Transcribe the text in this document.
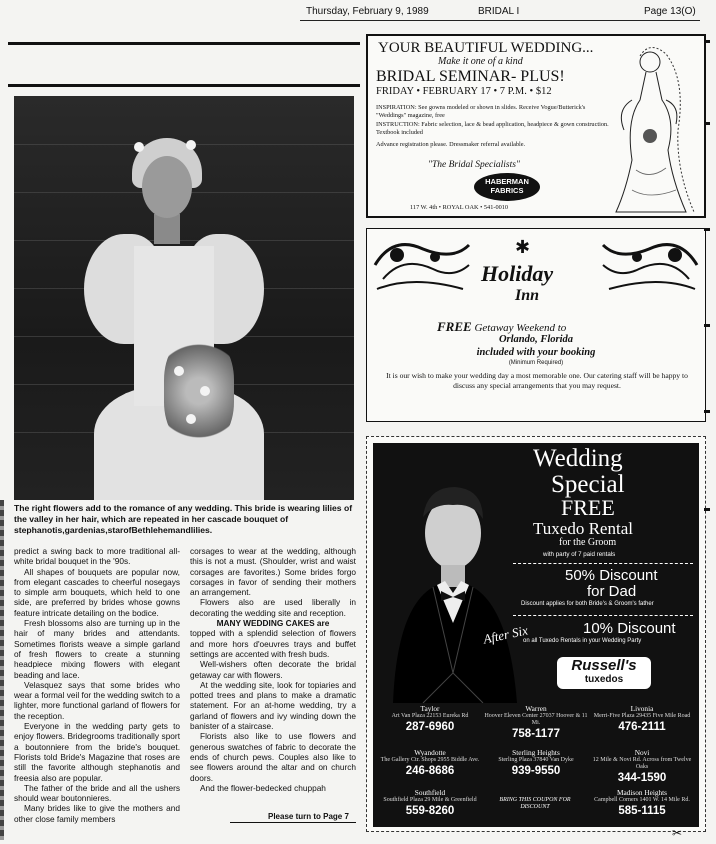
Thursday, February 9, 1989	BRIDAL I	Page 13(O)
The right flowers add to the romance of any wedding. This bride is wearing lilies of the valley in her hair, which are repeated in her cascade bouquet of stephanotis,gardenias,starofBethlehemandlilies.

predict a swing back to more traditional all-white bridal bouquet in the '90s.

All shapes of bouquets are popular now, from elegant cascades to cheerful nosegays to simple arm bouquets, which held to one side, are preferred by brides whose gowns feature intricate detailing on the bodice.

Fresh blossoms also are turning up in the hair of many brides and attendants. Sometimes florists weave a simple garland of fresh flowers to create a stunning headpiece mixing flowers with elegant beading and lace.

Velasquez says that some brides who wear a formal veil for the wedding switch to a lighter, more functional garland of flowers for the reception.

Everyone in the wedding party gets to enjoy flowers. Bridegrooms traditionally sport a boutonniere from the bride's bouquet. Florists told Bride's Magazine that roses are still the favorite although stephanotis and freesia also are popular.

The father of the bride and all the ushers should wear boutonnieres.

Many brides like to give the mothers and other close family members

corsages to wear at the wedding, although this is not a must. (Shoulder, wrist and waist corsages are favorites.) Some brides forgo corsages in favor of sending their mothers an arrangement.

Flowers also are used liberally in decorating the wedding site and reception.

MANY WEDDING CAKES are

topped with a splendid selection of flowers and more hors d'oeuvres trays and buffet settings are accented with fresh buds.

Well-wishers often decorate the bridal getaway car with flowers.

At the wedding site, look for topiaries and potted trees and plans to make a dramatic statement. For an at-home wedding, try a garland of flowers and ivy winding down the banister of a staircase.

Florists also like to use flowers and generous swatches of fabric to decorate the ends of church pews. Couples also like to see flowers around the altar and on church doors.

And the flower-bedecked chuppah

Please turn to Page 7
YOUR BEAUTIFUL WEDDING...
Make it one of a kind
BRIDAL SEMINAR- PLUS!
FRIDAY • FEBRUARY 17 • 7 P.M. • $12
INSPIRATION: See gowns modeled or shown in slides. Receive Vogue/Butterick's "Weddings" magazine, free
INSTRUCTION: Fabric selection, lace & bead application, headpiece & gown construction. Textbook included
Advance registration please. Dressmaker referral available.
"The Bridal Specialists"
HABERMAN FABRICS
117 W. 4th • ROYAL OAK • 541-0010
✱
Holiday
Inn
FREE Getaway Weekend to
Orlando, Florida
included with your booking
(Minimum Required)
It is our wish to make your wedding day a most memorable one. Our catering staff will be happy to discuss any special arrangements that you may request.
Wedding
Special
FREE
Tuxedo Rental
for the Groom
with party of 7 paid rentals
50% Discount
for Dad
Discount applies for both Bride's & Groom's father
10% Discount
on all Tuxedo Rentals in your Wedding Party
After Six
Russell's
tuxedos
Taylor
Art Van Plaza 22153 Eureka Rd
287-6960
Warren
Hoover Eleven Center 27037 Hoover & 11 Mi.
758-1177
Livonia
Merri-Five Plaza 29435 Five Mile Road
476-2111
Wyandotte
The Gallery Ctr. Shops 2955 Biddle Ave.
246-8686
Sterling Heights
Sterling Plaza 37840 Van Dyke
939-9550
Novi
12 Mile & Novi Rd. Across from Twelve Oaks
344-1590
Southfield
Southfield Plaza 29 Mile & Greenfield
559-8260
BRING THIS COUPON FOR DISCOUNT
Madison Heights
Campbell Corners 1401 W. 14 Mile Rd.
585-1115
✂
